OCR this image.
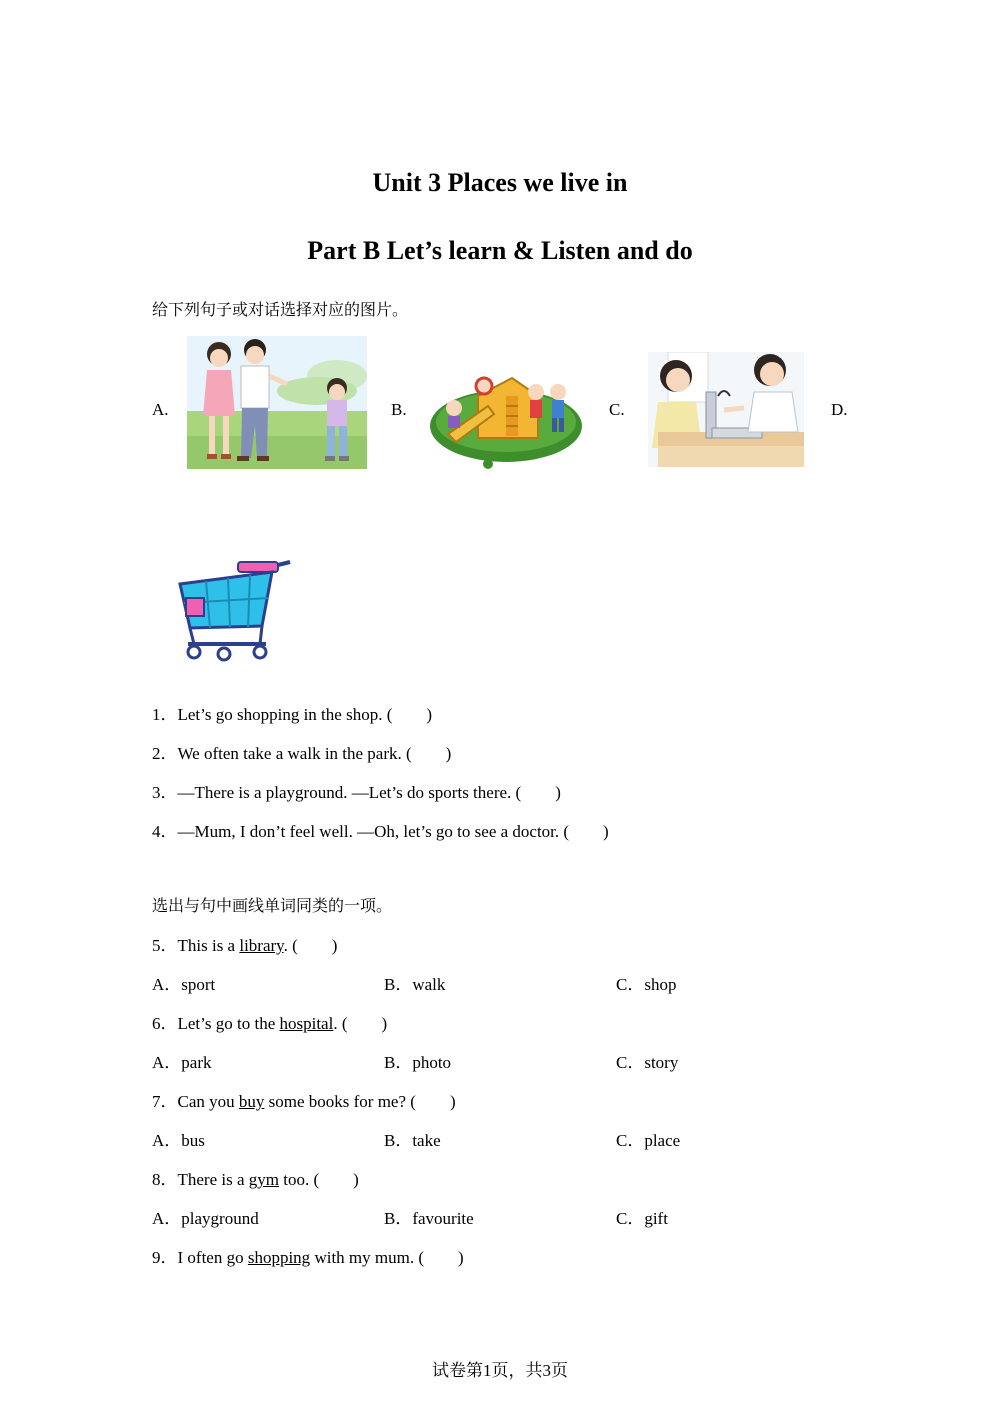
Unit 3 Places we live in
Part B Let’s learn & Listen and do
给下列句子或对话选择对应的图片。
A.	B.	C.	D.
1．Let’s go shopping in the shop. (　　)
2．We often take a walk in the park. (　　)
3．—There is a playground. —Let’s do sports there. (　　)
4．—Mum, I don’t feel well. —Oh, let’s go to see a doctor. (　　)
选出与句中画线单词同类的一项。
5．This is a library. (　　)
A．sport	B．walk	C．shop
6．Let’s go to the hospital. (　　)
A．park	B．photo	C．story
7．Can you buy some books for me? (　　)
A．bus	B．take	C．place
8．There is a gym too. (　　)
A．playground	B．favourite	C．gift
9．I often go shopping with my mum. (　　)
试卷第1页，共3页
